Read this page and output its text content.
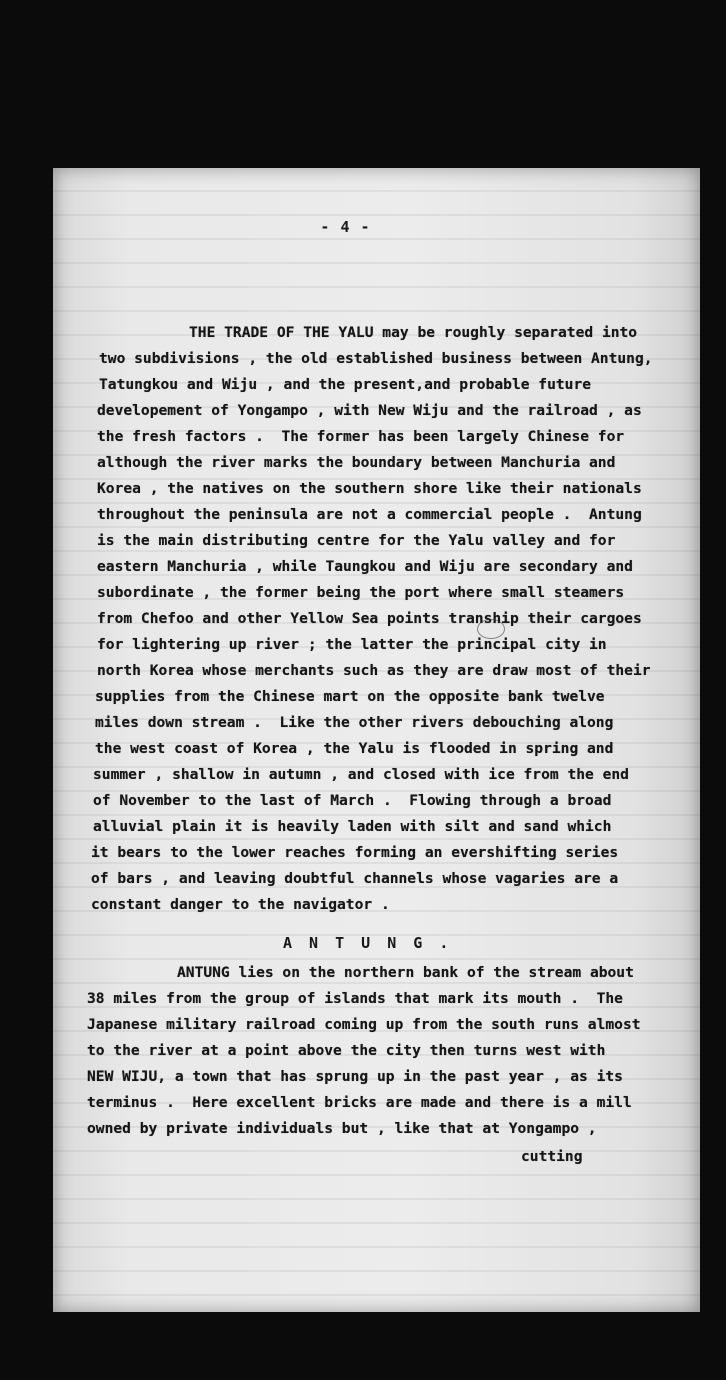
- 4 -

THE TRADE OF THE YALU may be roughly separated into

two subdivisions , the old established business between Antung,

Tatungkou and Wiju , and the present,and probable future

developement of Yongampo , with New Wiju and the railroad , as

the fresh factors .  The former has been largely Chinese for

although the river marks the boundary between Manchuria and

Korea , the natives on the southern shore like their nationals

throughout the peninsula are not a commercial people .  Antung

is the main distributing centre for the Yalu valley and for

eastern Manchuria , while Taungkou and Wiju are secondary and

subordinate , the former being the port where small steamers

from Chefoo and other Yellow Sea points tranship their cargoes

for lightering up river ; the latter the principal city in

north Korea whose merchants such as they are draw most of their

supplies from the Chinese mart on the opposite bank twelve

miles down stream .  Like the other rivers debouching along

the west coast of Korea , the Yalu is flooded in spring and

summer , shallow in autumn , and closed with ice from the end

of November to the last of March .  Flowing through a broad

alluvial plain it is heavily laden with silt and sand which

it bears to the lower reaches forming an evershifting series

of bars , and leaving doubtful channels whose vagaries are a

constant danger to the navigator .

A N T U N G .

ANTUNG lies on the northern bank of the stream about

38 miles from the group of islands that mark its mouth .  The

Japanese military railroad coming up from the south runs almost

to the river at a point above the city then turns west with

NEW WIJU, a town that has sprung up in the past year , as its

terminus .  Here excellent bricks are made and there is a mill

owned by private individuals but , like that at Yongampo ,

cutting
